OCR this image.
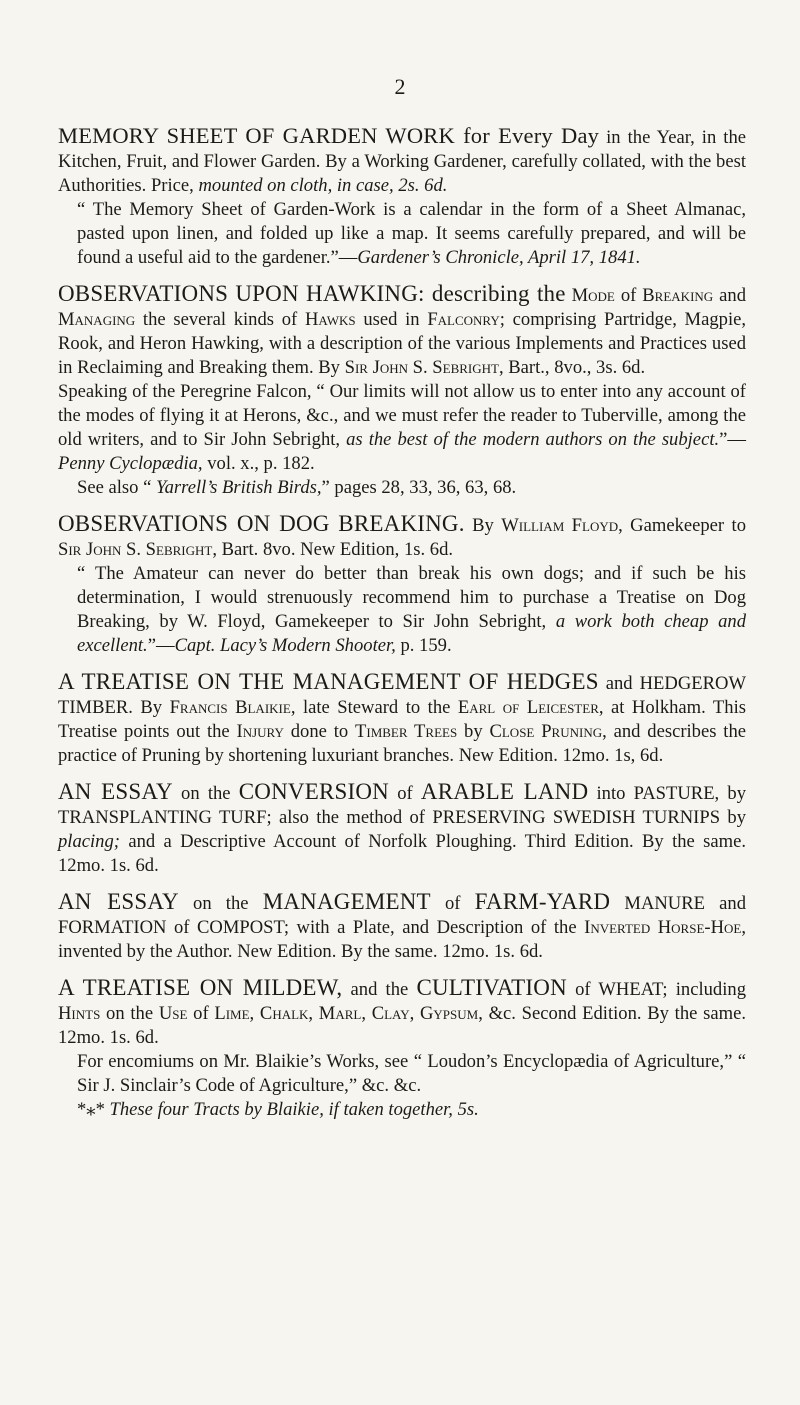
2

MEMORY SHEET OF GARDEN WORK for Every Day in the Year, in the Kitchen, Fruit, and Flower Garden. By a Working Gardener, carefully collated, with the best Authorities. Price, mounted on cloth, in case, 2s. 6d.

“ The Memory Sheet of Garden-Work is a calendar in the form of a Sheet Almanac, pasted upon linen, and folded up like a map. It seems carefully prepared, and will be found a useful aid to the gardener.”—Gardener’s Chronicle, April 17, 1841.

OBSERVATIONS UPON HAWKING: describing the Mode of Breaking and Managing the several kinds of Hawks used in Falconry; comprising Partridge, Magpie, Rook, and Heron Hawking, with a description of the various Implements and Practices used in Reclaiming and Breaking them. By Sir John S. Sebright, Bart., 8vo., 3s. 6d.

Speaking of the Peregrine Falcon, “ Our limits will not allow us to enter into any account of the modes of flying it at Herons, &c., and we must refer the reader to Tuberville, among the old writers, and to Sir John Sebright, as the best of the modern authors on the subject.”—Penny Cyclopædia, vol. x., p. 182.

See also “ Yarrell’s British Birds,” pages 28, 33, 36, 63, 68.

OBSERVATIONS ON DOG BREAKING. By William Floyd, Gamekeeper to Sir John S. Sebright, Bart. 8vo. New Edition, 1s. 6d.

“ The Amateur can never do better than break his own dogs; and if such be his determination, I would strenuously recommend him to purchase a Treatise on Dog Breaking, by W. Floyd, Gamekeeper to Sir John Sebright, a work both cheap and excellent.”—Capt. Lacy’s Modern Shooter, p. 159.

A TREATISE ON THE MANAGEMENT OF HEDGES and HEDGEROW TIMBER. By Francis Blaikie, late Steward to the Earl of Leicester, at Holkham. This Treatise points out the Injury done to Timber Trees by Close Pruning, and describes the practice of Pruning by shortening luxuriant branches. New Edition. 12mo. 1s, 6d.

AN ESSAY on the CONVERSION of ARABLE LAND into PASTURE, by TRANSPLANTING TURF; also the method of PRESERVING SWEDISH TURNIPS by placing; and a Descriptive Account of Norfolk Ploughing. Third Edition. By the same. 12mo. 1s. 6d.

AN ESSAY on the MANAGEMENT of FARM-YARD MANURE and FORMATION of COMPOST; with a Plate, and Description of the Inverted Horse-Hoe, invented by the Author. New Edition. By the same. 12mo. 1s. 6d.

A TREATISE ON MILDEW, and the CULTIVATION of WHEAT; including Hints on the Use of Lime, Chalk, Marl, Clay, Gypsum, &c. Second Edition. By the same. 12mo. 1s. 6d.

For encomiums on Mr. Blaikie’s Works, see “ Loudon’s Encyclopædia of Agriculture,” “ Sir J. Sinclair’s Code of Agriculture,” &c. &c.

*⁎* These four Tracts by Blaikie, if taken together, 5s.
